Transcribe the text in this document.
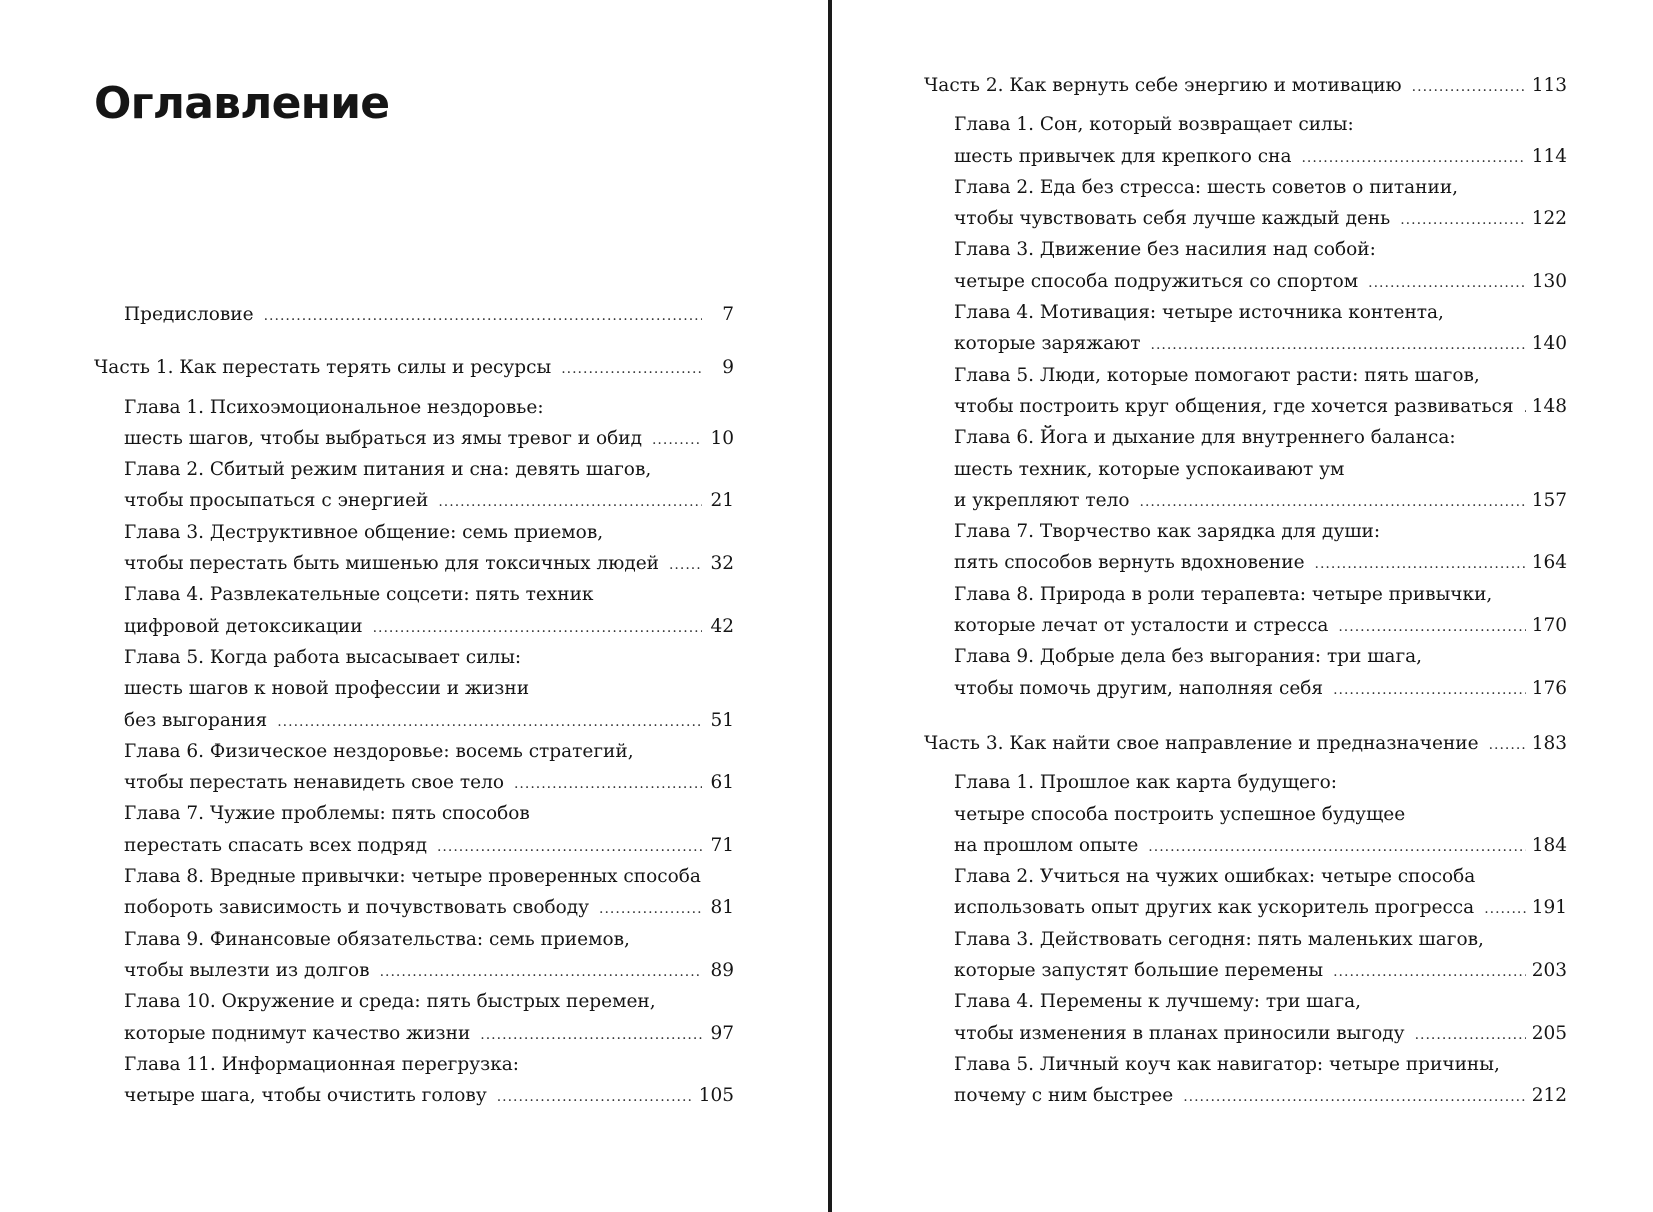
Оглавление
Предисловие .....	7
Часть 1. Как перестать терять силы и ресурсы .....	9
Глава 1. Психоэмоциональное нездоровье:
шесть шагов, чтобы выбраться из ямы тревог и обид .....	10
Глава 2. Сбитый режим питания и сна: девять шагов,
чтобы просыпаться с энергией .....	21
Глава 3. Деструктивное общение: семь приемов,
чтобы перестать быть мишенью для токсичных людей .....	32
Глава 4. Развлекательные соцсети: пять техник
цифровой детоксикации .....	42
Глава 5. Когда работа высасывает силы:
шесть шагов к новой профессии и жизни
без выгорания .....	51
Глава 6. Физическое нездоровье: восемь стратегий,
чтобы перестать ненавидеть свое тело .....	61
Глава 7. Чужие проблемы: пять способов
перестать спасать всех подряд .....	71
Глава 8. Вредные привычки: четыре проверенных способа
побороть зависимость и почувствовать свободу .....	81
Глава 9. Финансовые обязательства: семь приемов,
чтобы вылезти из долгов .....	89
Глава 10. Окружение и среда: пять быстрых перемен,
которые поднимут качество жизни .....	97
Глава 11. Информационная перегрузка:
четыре шага, чтобы очистить голову .....	105
Часть 2. Как вернуть себе энергию и мотивацию .....	113
Глава 1. Сон, который возвращает силы:
шесть привычек для крепкого сна .....	114
Глава 2. Еда без стресса: шесть советов о питании,
чтобы чувствовать себя лучше каждый день .....	122
Глава 3. Движение без насилия над собой:
четыре способа подружиться со спортом .....	130
Глава 4. Мотивация: четыре источника контента,
которые заряжают .....	140
Глава 5. Люди, которые помогают расти: пять шагов,
чтобы построить круг общения, где хочется развиваться ..... 148
Глава 6. Йога и дыхание для внутреннего баланса:
шесть техник, которые успокаивают ум
и укрепляют тело .....	157
Глава 7. Творчество как зарядка для души:
пять способов вернуть вдохновение .....	164
Глава 8. Природа в роли терапевта: четыре привычки,
которые лечат от усталости и стресса .....	170
Глава 9. Добрые дела без выгорания: три шага,
чтобы помочь другим, наполняя себя .....	176
Часть 3. Как найти свое направление и предназначение .....	183
Глава 1. Прошлое как карта будущего:
четыре способа построить успешное будущее
на прошлом опыте .....	184
Глава 2. Учиться на чужих ошибках: четыре способа
использовать опыт других как ускоритель прогресса .....	191
Глава 3. Действовать сегодня: пять маленьких шагов,
которые запустят большие перемены .....	203
Глава 4. Перемены к лучшему: три шага,
чтобы изменения в планах приносили выгоду .....	205
Глава 5. Личный коуч как навигатор: четыре причины,
почему с ним быстрее .....	212
